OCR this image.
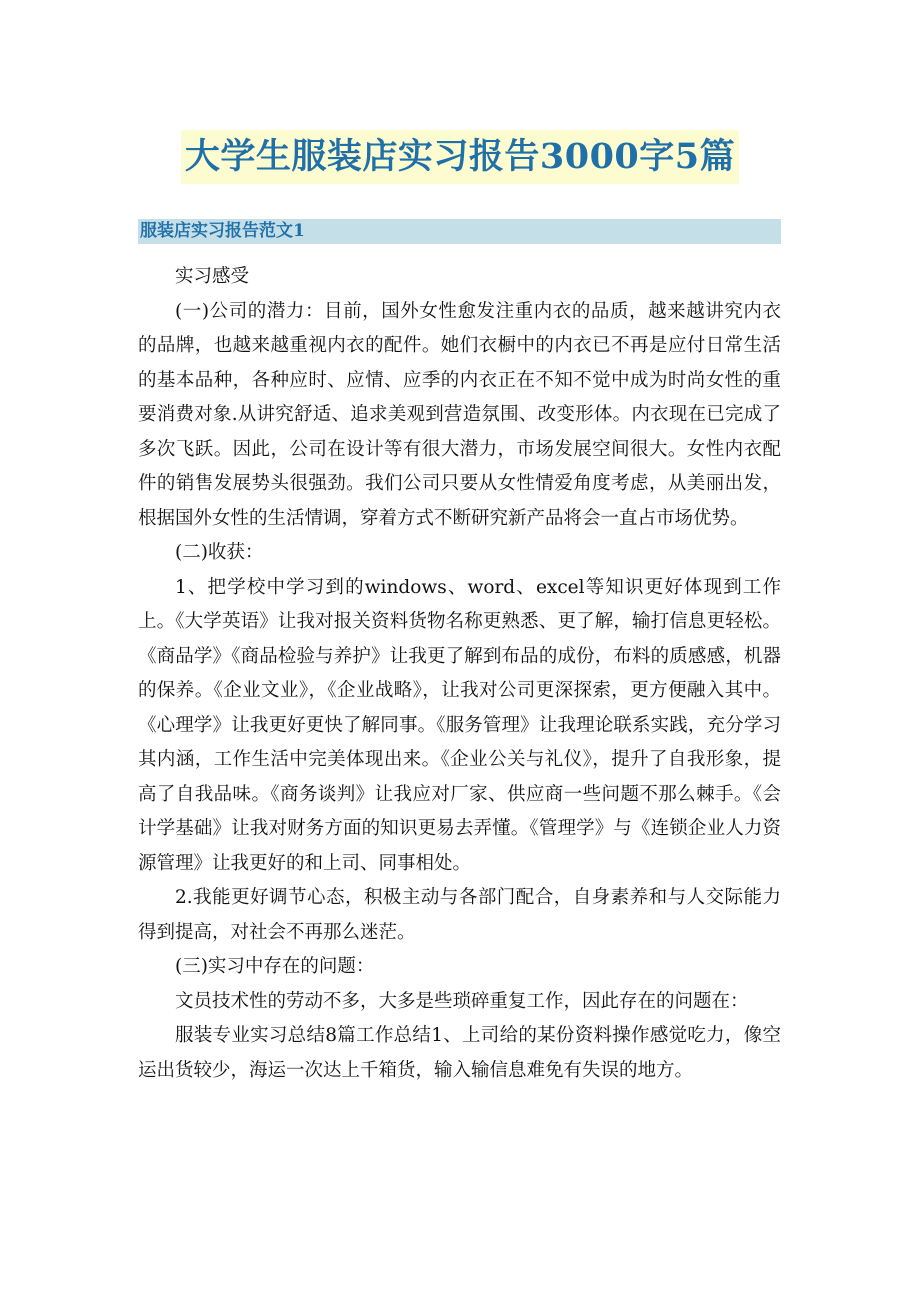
大学生服装店实习报告3000字5篇
服装店实习报告范文1

实习感受

(一)公司的潜力：目前，国外女性愈发注重内衣的品质，越来越讲究内衣的品牌，也越来越重视内衣的配件。她们衣橱中的内衣已不再是应付日常生活的基本品种，各种应时、应情、应季的内衣正在不知不觉中成为时尚女性的重要消费对象.从讲究舒适、追求美观到营造氛围、改变形体。内衣现在已完成了多次飞跃。因此，公司在设计等有很大潜力，市场发展空间很大。女性内衣配件的销售发展势头很强劲。我们公司只要从女性情爱角度考虑，从美丽出发，根据国外女性的生活情调，穿着方式不断研究新产品将会一直占市场优势。

(二)收获：

1、把学校中学习到的windows、word、excel等知识更好体现到工作上。《大学英语》让我对报关资料货物名称更熟悉、更了解，输打信息更轻松。《商品学》《商品检验与养护》让我更了解到布品的成份，布料的质感感，机器的保养。《企业文业》，《企业战略》，让我对公司更深探索，更方便融入其中。《心理学》让我更好更快了解同事。《服务管理》让我理论联系实践，充分学习其内涵，工作生活中完美体现出来。《企业公关与礼仪》，提升了自我形象，提高了自我品味。《商务谈判》让我应对厂家、供应商一些问题不那么棘手。《会计学基础》让我对财务方面的知识更易去弄懂。《管理学》与《连锁企业人力资源管理》让我更好的和上司、同事相处。

2.我能更好调节心态，积极主动与各部门配合，自身素养和与人交际能力得到提高，对社会不再那么迷茫。

(三)实习中存在的问题：

文员技术性的劳动不多，大多是些琐碎重复工作，因此存在的问题在：

服装专业实习总结8篇工作总结1、上司给的某份资料操作感觉吃力，像空运出货较少，海运一次达上千箱货，输入输信息难免有失误的地方。
